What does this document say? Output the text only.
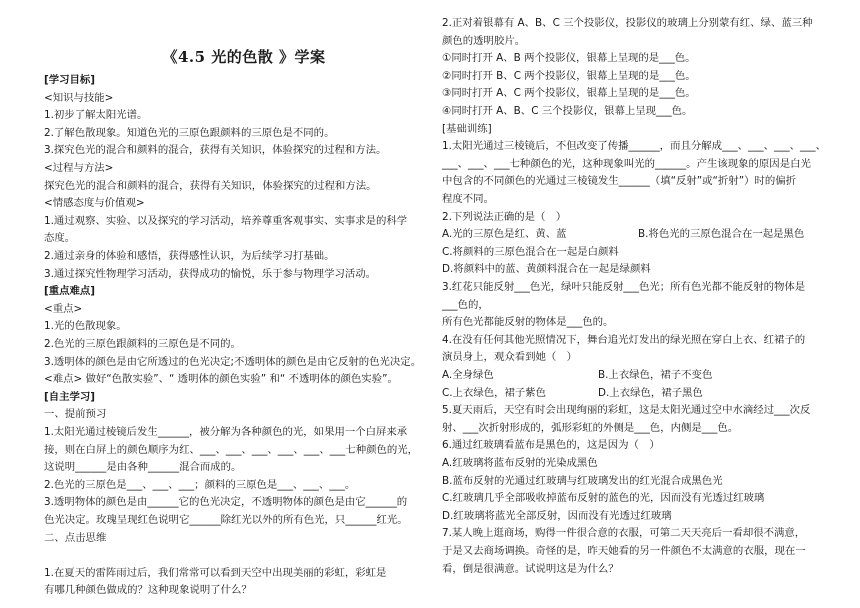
《4.5 光的色散 》学案
[学习目标]
<知识与技能>
1.初步了解太阳光谱。
2.了解色散现象。知道色光的三原色跟颜料的三原色是不同的。
3.探究色光的混合和颜料的混合，获得有关知识，体验探究的过程和方法。
<过程与方法>
探究色光的混合和颜料的混合，获得有关知识，体验探究的过程和方法。
<情感态度与价值观>
1.通过观察、实验、以及探究的学习活动，培养尊重客观事实、实事求是的科学
态度。
2.通过亲身的体验和感悟，获得感性认识，为后续学习打基础。
3.通过探究性物理学习活动，获得成功的愉悦，乐于参与物理学习活动。
[重点难点]
<重点>
1.光的色散现象。
2.色光的三原色跟颜料的三原色是不同的。
3.透明体的颜色是由它所透过的色光决定;不透明体的颜色是由它反射的色光决定。
<难点> 做好“色散实验”、“ 透明体的颜色实验” 和“ 不透明体的颜色实验”。
[自主学习]
一、提前预习
1.太阳光通过棱镜后发生______，被分解为各种颜色的光，如果用一个白屏来承
接，则在白屏上的颜色顺序为红、___、___、___、___、___、___七种颜色的光，
这说明______是由各种______混合而成的。
2.色光的三原色是___、___、___；颜料的三原色是___、___、___。
3.透明物体的颜色是由______它的色光决定，不透明物体的颜色是由它______的
色光决定。玫瑰呈现红色说明它______除红光以外的所有色光，只______红光。
二、点击思维
1.在夏天的雷阵雨过后，我们常常可以看到天空中出现美丽的彩虹，彩虹是
有哪几种颜色做成的？这种现象说明了什么？
2.正对着银幕有 A、B、C 三个投影仪，投影仪的玻璃上分别蒙有红、绿、蓝三种
颜色的透明胶片。
①同时打开 A、B 两个投影仪，银幕上呈现的是___色。
②同时打开 B、C 两个投影仪，银幕上呈现的是___色。
③同时打开 A、C 两个投影仪，银幕上呈现的是___色。
④同时打开 A、B、C 三个投影仪，银幕上呈现___色。
[基础训练]
1.太阳光通过三棱镜后，不但改变了传播______，而且分解成___、___、___、___、
___、___、___七种颜色的光，这种现象叫光的______。产生该现象的原因是白光
中包含的不同颜色的光通过三棱镜发生______（填“反射”或“折射”）时的偏折
程度不同。
2.下列说法正确的是（　）
A.光的三原色是红、黄、蓝	B.将色光的三原色混合在一起是黑色
C.将颜料的三原色混合在一起是白颜料
D.将颜料中的蓝、黄颜料混合在一起是绿颜料
3.红花只能反射___色光，绿叶只能反射___色光；所有色光都不能反射的物体是
___色的，
所有色光都能反射的物体是___色的。
4.在没有任何其他光照情况下，舞台追光灯发出的绿光照在穿白上衣、红裙子的
演员身上，观众看到她（　）
A.全身绿色	B.上衣绿色，裙子不变色
C.上衣绿色，裙子紫色	D.上衣绿色，裙子黑色
5.夏天雨后，天空有时会出现绚丽的彩虹，这是太阳光通过空中水滴经过___次反
射、___次折射形成的，弧形彩虹的外侧是___色，内侧是___色。
6.通过红玻璃看蓝布是黑色的，这是因为（　）
A.红玻璃将蓝布反射的光染成黑色
B.蓝布反射的光通过红玻璃与红玻璃发出的红光混合成黑色光
C.红玻璃几乎全部吸收掉蓝布反射的蓝色的光，因而没有光透过红玻璃
D.红玻璃将蓝光全部反射，因而没有光透过红玻璃
7.某人晚上逛商场，购得一件很合意的衣服，可第二天天亮后一看却很不满意，
于是又去商场调换。奇怪的是，昨天她看的另一件颜色不太满意的衣服，现在一
看，倒是很满意。试说明这是为什么？
